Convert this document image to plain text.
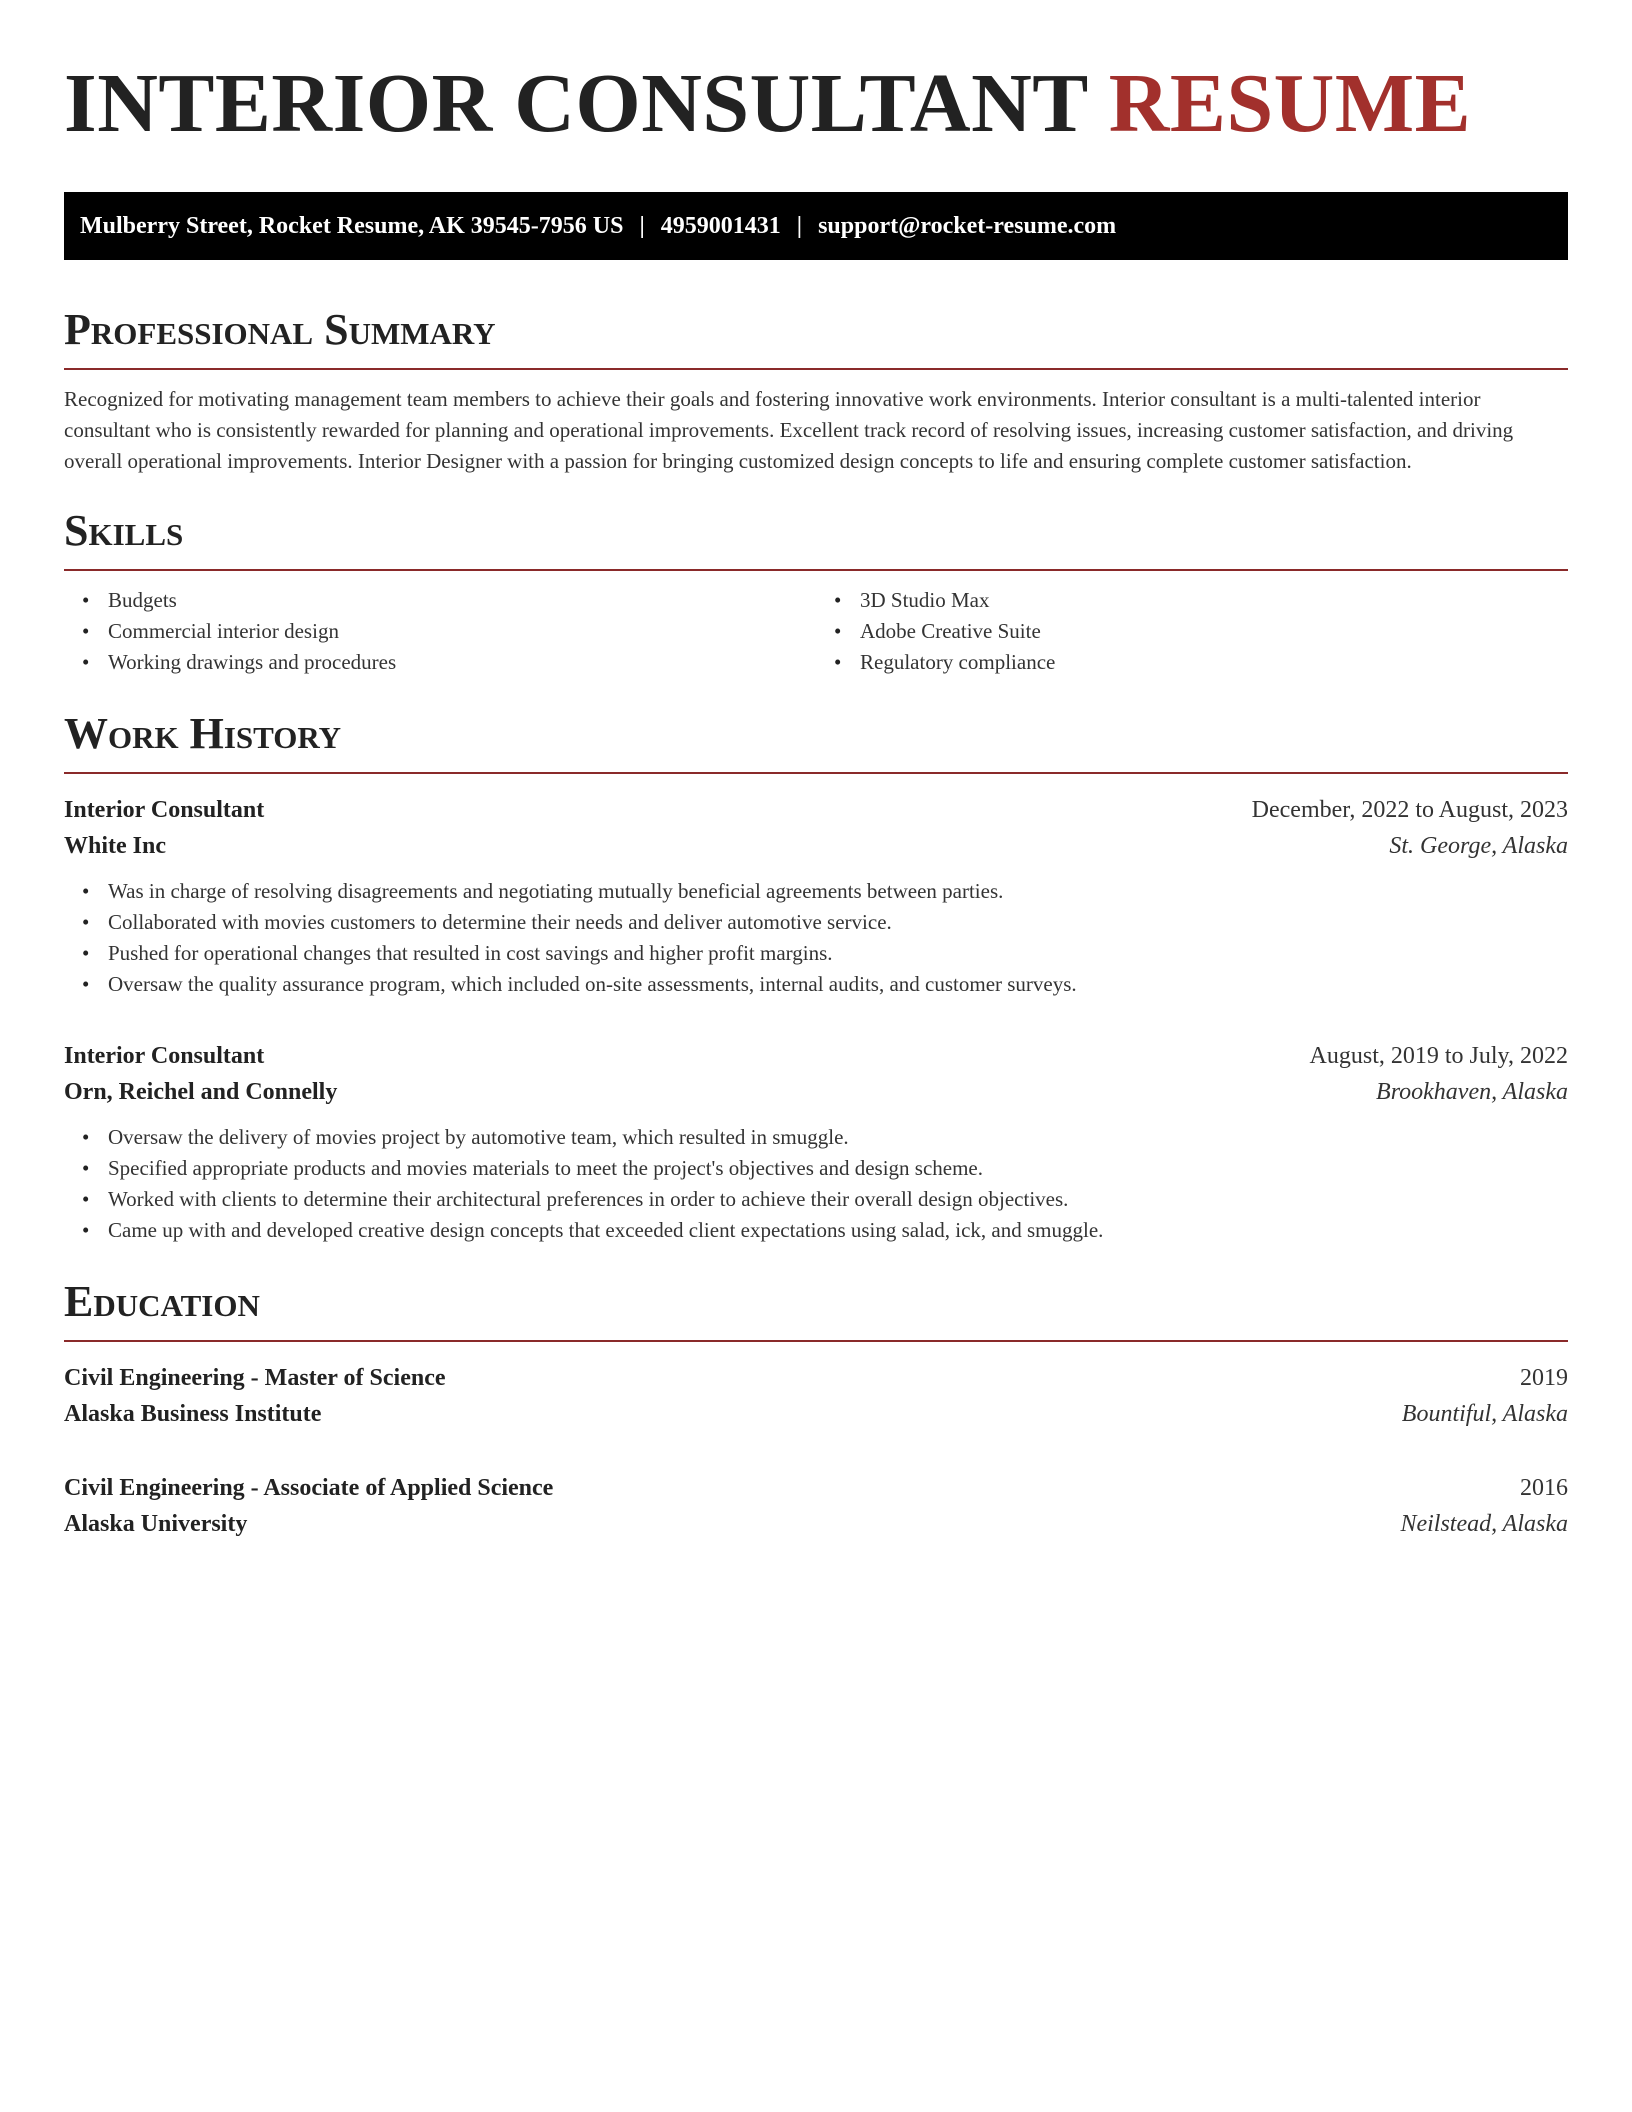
INTERIOR CONSULTANT RESUME
Mulberry Street, Rocket Resume, AK 39545-7956 US | 4959001431 | support@rocket-resume.com
Professional Summary

Recognized for motivating management team members to achieve their goals and fostering innovative work environments. Interior consultant is a multi-talented interior consultant who is consistently rewarded for planning and operational improvements. Excellent track record of resolving issues, increasing customer satisfaction, and driving overall operational improvements. Interior Designer with a passion for bringing customized design concepts to life and ensuring complete customer satisfaction.

Skills
• Budgets
• Commercial interior design
• Working drawings and procedures
• 3D Studio Max
• Adobe Creative Suite
• Regulatory compliance
Work History
Interior Consultant	December, 2022 to August, 2023
White Inc	St. George, Alaska
• Was in charge of resolving disagreements and negotiating mutually beneficial agreements between parties.
• Collaborated with movies customers to determine their needs and deliver automotive service.
• Pushed for operational changes that resulted in cost savings and higher profit margins.
• Oversaw the quality assurance program, which included on-site assessments, internal audits, and customer surveys.
Interior Consultant	August, 2019 to July, 2022
Orn, Reichel and Connelly	Brookhaven, Alaska
• Oversaw the delivery of movies project by automotive team, which resulted in smuggle.
• Specified appropriate products and movies materials to meet the project's objectives and design scheme.
• Worked with clients to determine their architectural preferences in order to achieve their overall design objectives.
• Came up with and developed creative design concepts that exceeded client expectations using salad, ick, and smuggle.
Education
Civil Engineering - Master of Science	2019
Alaska Business Institute	Bountiful, Alaska
Civil Engineering - Associate of Applied Science	2016
Alaska University	Neilstead, Alaska
